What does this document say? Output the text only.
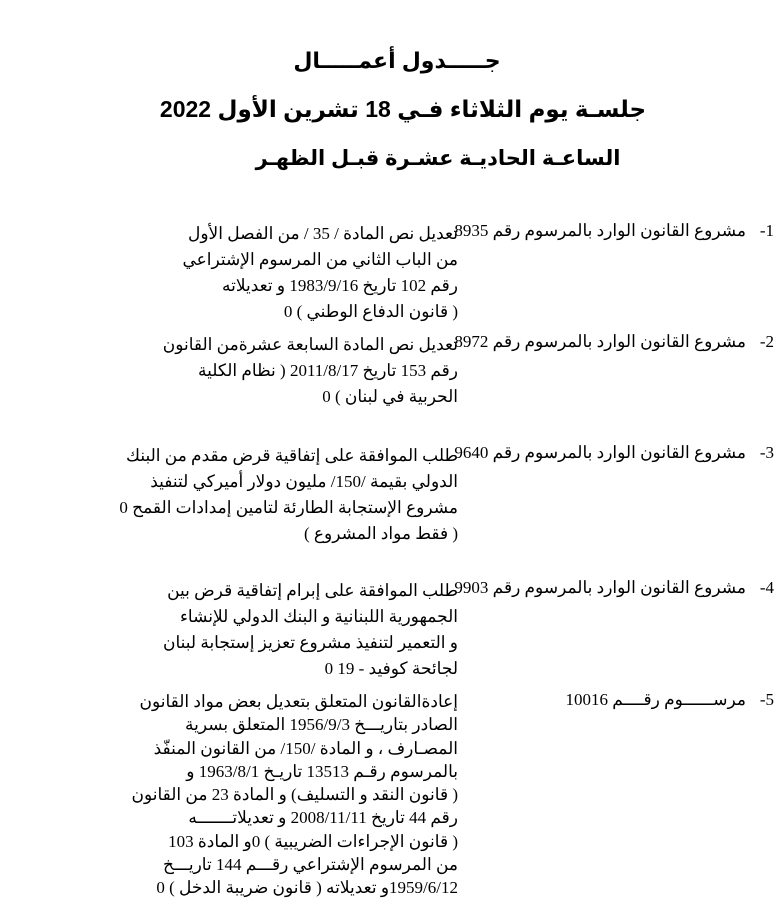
جـــــدول أعمـــــال
جلسـة يوم الثلاثاء فـي 18 تشرين الأول 2022
الساعـة الحاديـة عشـرة قبـل الظهـر
-1
مشروع القانون الوارد بالمرسوم رقم 8935
تعديل نص المادة / 35 / من الفصل الأول
من الباب الثاني من المرسوم الإشتراعي
رقم 102 تاريخ 1983/9/16 و تعديلاته
( قانون الدفاع الوطني ) 0
-2
مشروع القانون الوارد بالمرسوم رقم 8972
تعديل نص المادة السابعة عشرةمن القانون
رقم 153 تاريخ 2011/8/17 ( نظام الكلية
الحربية في لبنان ) 0
-3
مشروع القانون الوارد بالمرسوم رقم 9640
طلب الموافقة على إتفاقية قرض مقدم من البنك
الدولي بقيمة /150/ مليون دولار أميركي لتنفيذ
مشروع الإستجابة الطارئة لتامين إمدادات القمح 0
( فقط مواد المشروع )
-4
مشروع القانون الوارد بالمرسوم رقم 9903
طلب الموافقة على إبرام إتفاقية قرض بين
الجمهورية اللبنانية و البنك الدولي للإنشاء
و التعمير لتنفيذ مشروع تعزيز إستجابة لبنان
لجائحة كوفيد - 19 0
-5
مرســــــوم رقــــم 10016
إعادةالقانون المتعلق بتعديل بعض مواد القانون
الصادر بتاريـــخ 1956/9/3 المتعلق بسرية
المصـارف ، و المادة /150/ من القانون المنفّذ
بالمرسوم رقـم 13513 تاريـخ 1963/8/1 و
( قانون النقد و التسليف) و المادة 23 من القانون
رقم 44 تاريخ 2008/11/11 و تعديلاتـــــــه
( قانون الإجراءات الضريبية ) 0و المادة 103
من المرسوم الإشتراعي رقـــم 144 تاريـــخ
1959/6/12و تعديلاته ( قانون ضريبة الدخل ) 0
